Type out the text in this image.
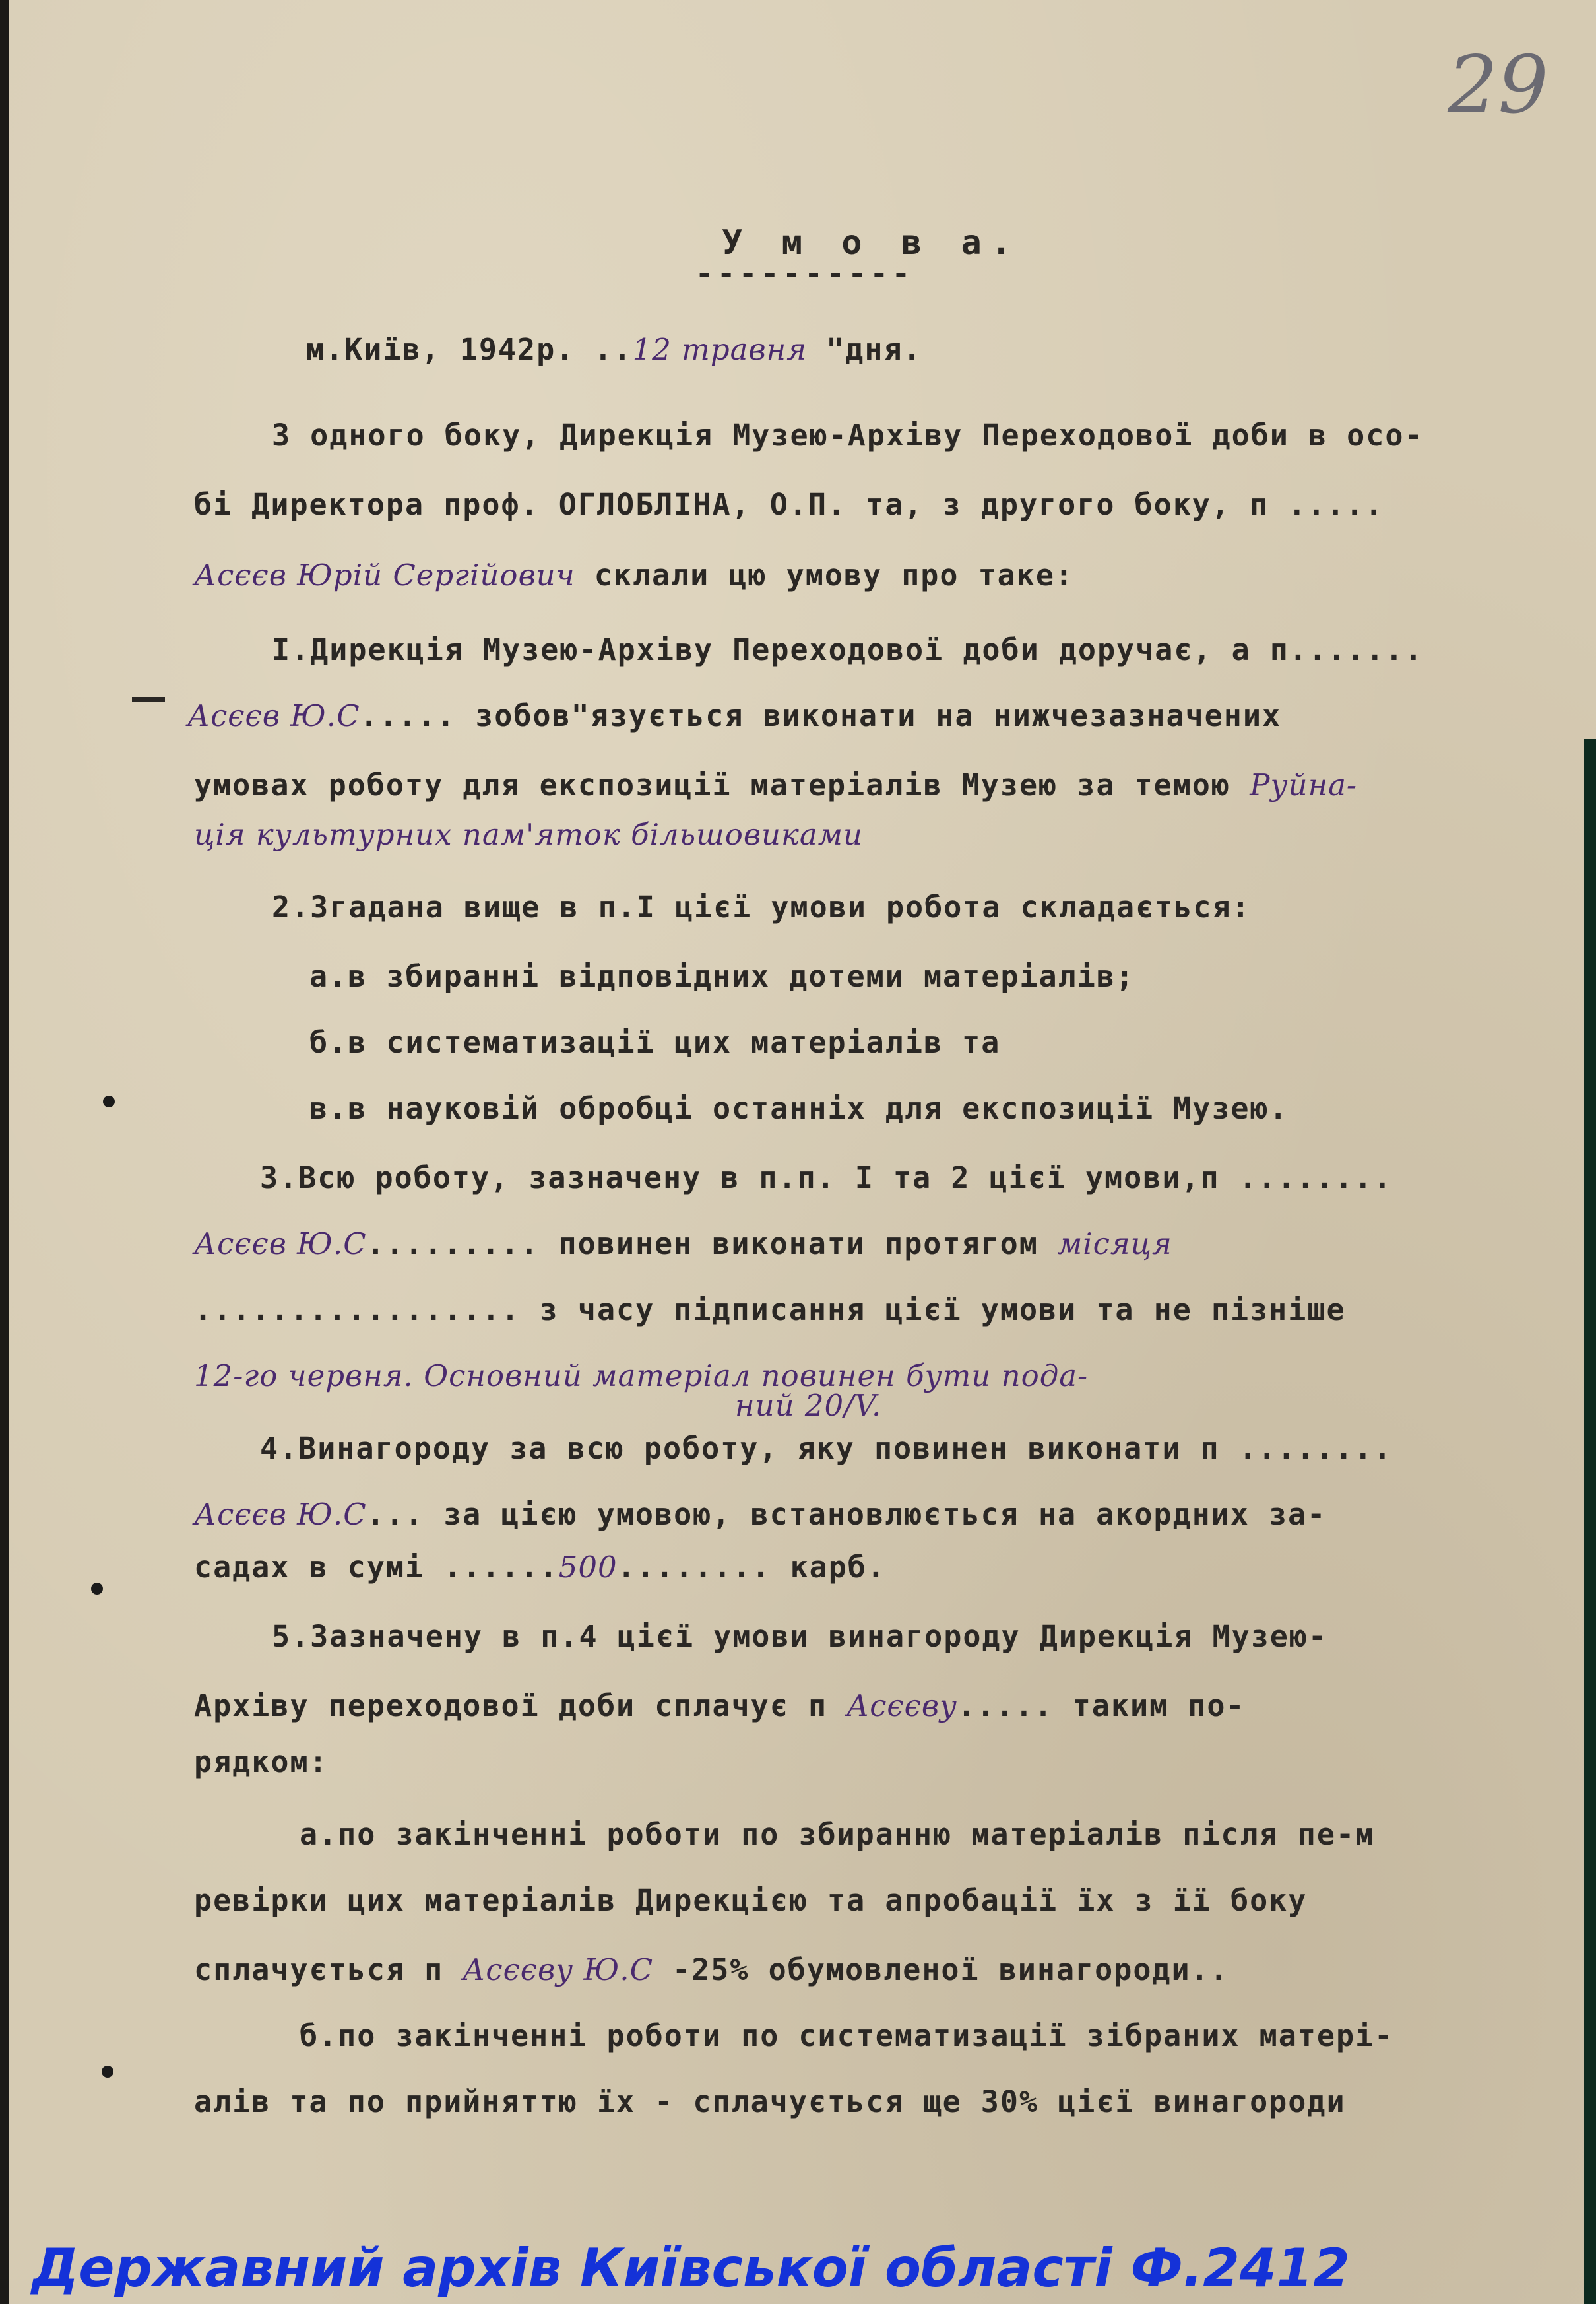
29
У м о в а.
----------
м.Київ, 1942р. ..12 травня "дня.
З одного боку, Дирекція Музею-Архіву Переходової доби в осо-
бі Директора проф. ОГЛОБЛІНА, О.П. та, з другого боку, п .....
Асєєв Юрій Сергійович склали цю умову про таке:
І.Дирекція Музею-Архіву Переходової доби доручає, а п.......
Асєєв Ю.С..... зобов"язується виконати на нижчезазначених
умовах роботу для експозиції матеріалів Музею за темою Руйна-
ція культурних пам'яток більшовиками
2.Згадана вище в п.І цієї умови робота складається:
а.в збиранні відповідних дотеми матеріалів;
б.в систематизації цих матеріалів та
в.в науковій обробці останніх для експозиції Музею.
3.Всю роботу, зазначену в п.п. І та 2 цієї умови,п ........
Асєєв Ю.С......... повинен виконати протягом місяця
................. з часу підписання цієї умови та не пізніше
12-го червня. Основний матеріал повинен бути пода-
ний 20/V.
4.Винагороду за всю роботу, яку повинен виконати п ........
Асєєв Ю.С... за цією умовою, встановлюється на акордних за-
садах в сумі ......500........ карб.
5.Зазначену в п.4 цієї умови винагороду Дирекція Музею-
Архіву переходової доби сплачує п Асєєву..... таким по-
рядком:
а.по закінченні роботи по збиранню матеріалів після пе-м
ревірки цих матеріалів Дирекцією та апробації їх з її боку
сплачується п Асєєву Ю.С -25% обумовленої винагороди..
б.по закінченні роботи по систематизації зібраних матері-
алів та по прийняттю їх - сплачується ще 30% цієї винагороди
Державний архів Київської області Ф.2412
